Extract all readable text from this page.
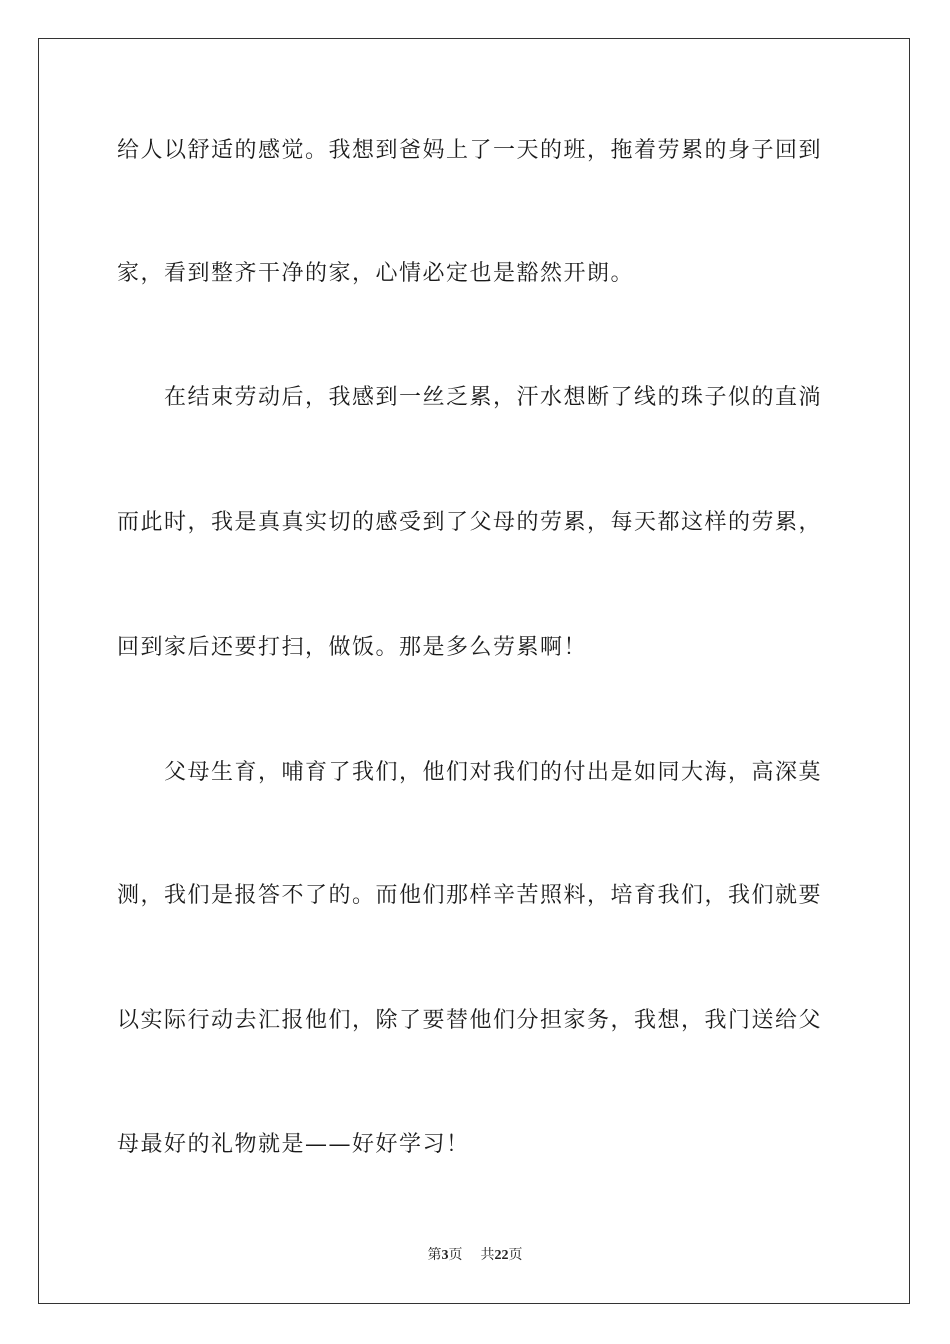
给人以舒适的感觉。我想到爸妈上了一天的班，拖着劳累的身子回到
家，看到整齐干净的家，心情必定也是豁然开朗。
　　在结束劳动后，我感到一丝乏累，汗水想断了线的珠子似的直淌
而此时，我是真真实切的感受到了父母的劳累，每天都这样的劳累，
回到家后还要打扫，做饭。那是多么劳累啊！
　　父母生育，哺育了我们，他们对我们的付出是如同大海，高深莫
测，我们是报答不了的。而他们那样辛苦照料，培育我们，我们就要
以实际行动去汇报他们，除了要替他们分担家务，我想，我门送给父
母最好的礼物就是——好好学习！
第3页 共22页
